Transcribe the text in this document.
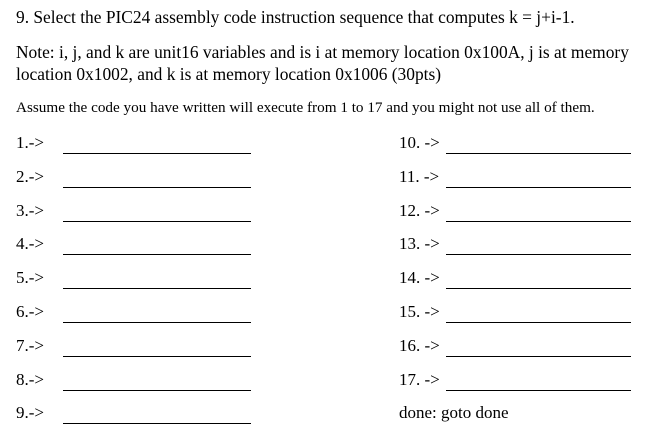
9. Select the PIC24 assembly code instruction sequence that computes k = j+i-1.
Note: i, j, and k are unit16 variables and is i at memory location 0x100A, j is at memory location 0x1002, and k is at memory location 0x1006 (30pts)
Assume the code you have written will execute from 1 to 17 and you might not use all of them.
1.->
2.->
3.->
4.->
5.->
6.->
7.->
8.->
9.->
10. ->
11. ->
12. ->
13. ->
14. ->
15. ->
16. ->
17. ->
done: goto done
